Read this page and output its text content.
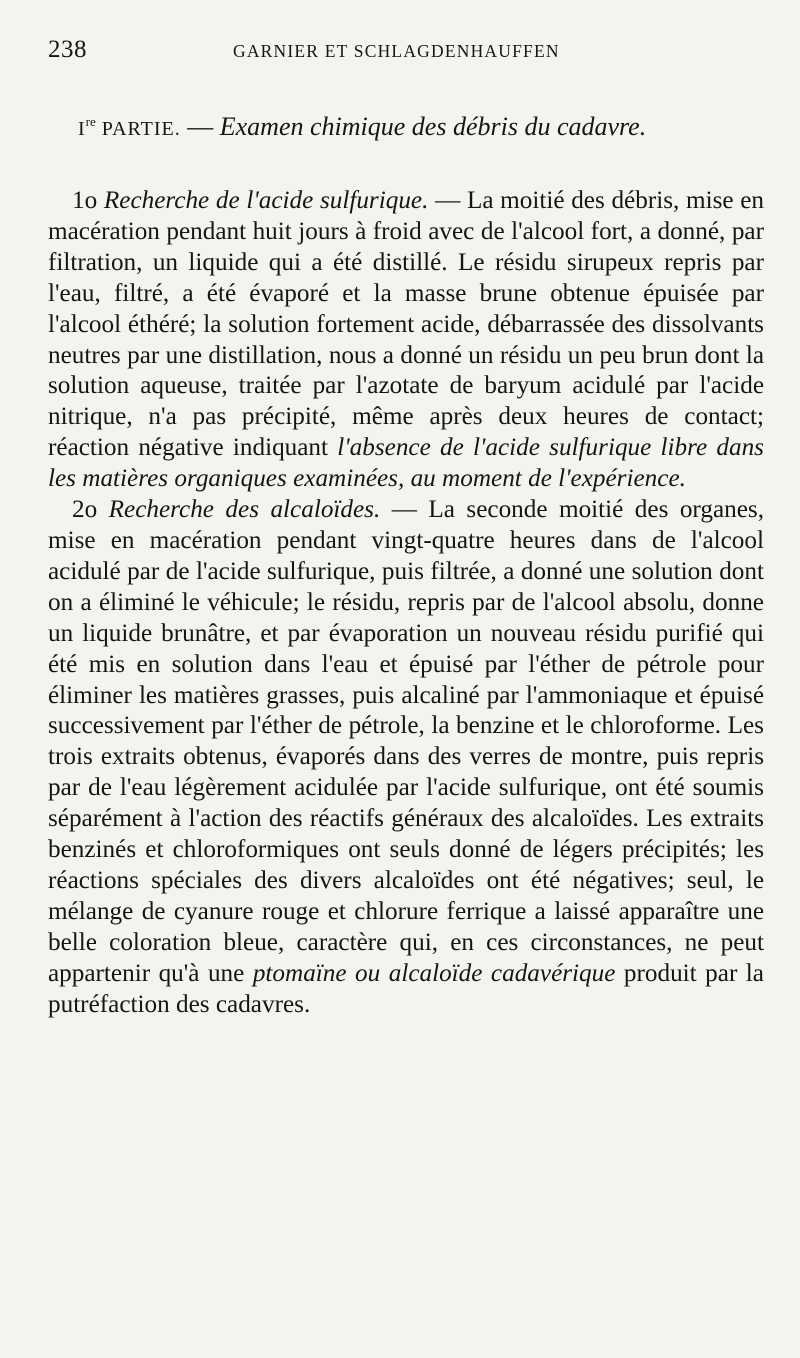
238	GARNIER ET SCHLAGDENHAUFFEN
Ire PARTIE. — Examen chimique des débris du cadavre.

1o Recherche de l'acide sulfurique. — La moitié des débris, mise en macération pendant huit jours à froid avec de l'alcool fort, a donné, par filtration, un liquide qui a été distillé. Le résidu sirupeux repris par l'eau, filtré, a été évaporé et la masse brune obtenue épuisée par l'alcool éthéré; la solution fortement acide, débarrassée des dissolvants neutres par une distillation, nous a donné un résidu un peu brun dont la solution aqueuse, traitée par l'azotate de baryum acidulé par l'acide nitrique, n'a pas précipité, même après deux heures de contact; réaction négative indiquant l'absence de l'acide sulfurique libre dans les matières organiques examinées, au moment de l'expérience.

2o Recherche des alcaloïdes. — La seconde moitié des organes, mise en macération pendant vingt-quatre heures dans de l'alcool acidulé par de l'acide sulfurique, puis filtrée, a donné une solution dont on a éliminé le véhicule; le résidu, repris par de l'alcool absolu, donne un liquide brunâtre, et par évaporation un nouveau résidu purifié qui été mis en solution dans l'eau et épuisé par l'éther de pétrole pour éliminer les matières grasses, puis alcaliné par l'ammoniaque et épuisé successivement par l'éther de pétrole, la benzine et le chloroforme. Les trois extraits obtenus, évaporés dans des verres de montre, puis repris par de l'eau légèrement acidulée par l'acide sulfurique, ont été soumis séparément à l'action des réactifs généraux des alcaloïdes. Les extraits benzinés et chloroformiques ont seuls donné de légers précipités; les réactions spéciales des divers alcaloïdes ont été négatives; seul, le mélange de cyanure rouge et chlorure ferrique a laissé apparaître une belle coloration bleue, caractère qui, en ces circonstances, ne peut appartenir qu'à une ptomaïne ou alcaloïde cadavérique produit par la putréfaction des cadavres.
